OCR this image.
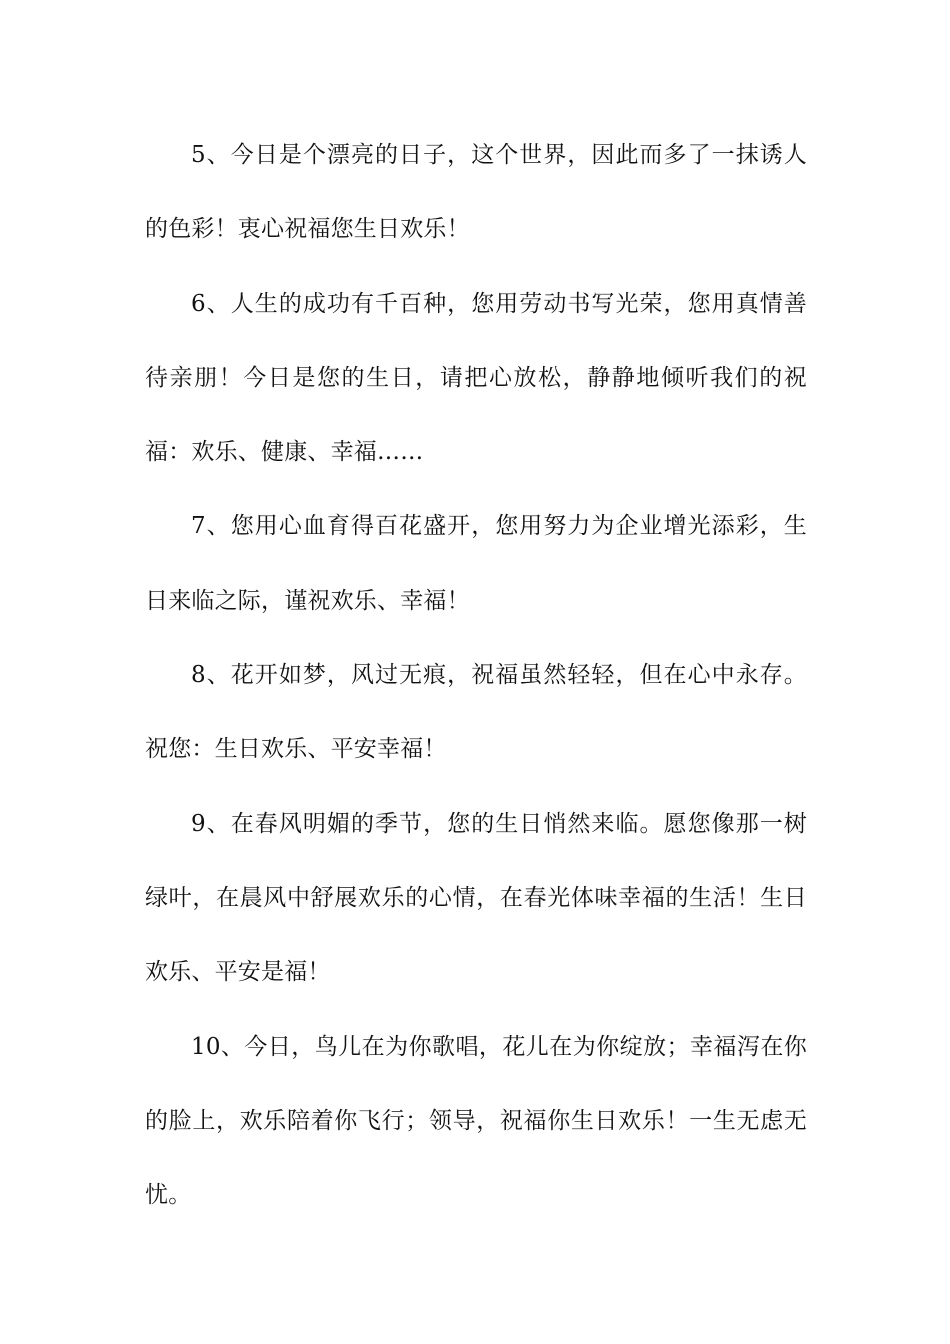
5、今日是个漂亮的日子，这个世界，因此而多了一抹诱人的色彩！衷心祝福您生日欢乐！

6、人生的成功有千百种，您用劳动书写光荣，您用真情善待亲朋！今日是您的生日，请把心放松，静静地倾听我们的祝福：欢乐、健康、幸福……

7、您用心血育得百花盛开，您用努力为企业增光添彩，生日来临之际，谨祝欢乐、幸福！

8、花开如梦，风过无痕，祝福虽然轻轻，但在心中永存。祝您：生日欢乐、平安幸福！

9、在春风明媚的季节，您的生日悄然来临。愿您像那一树绿叶，在晨风中舒展欢乐的心情，在春光体味幸福的生活！生日欢乐、平安是福！

10、今日，鸟儿在为你歌唱，花儿在为你绽放；幸福泻在你的脸上，欢乐陪着你飞行；领导，祝福你生日欢乐！一生无虑无忧。
